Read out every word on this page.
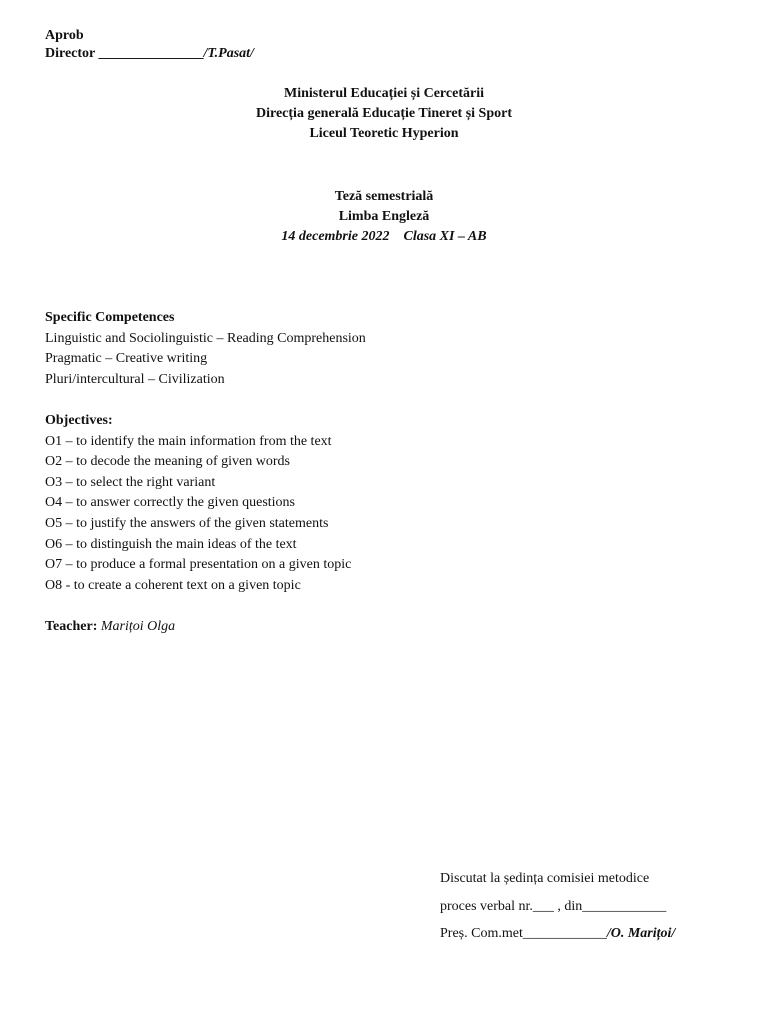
Aprob
Director _______________/T.Pasat/
Ministerul Educației și Cercetării
Direcția generală Educație Tineret și Sport
Liceul Teoretic Hyperion
Teză semestrială
Limba Engleză
14 decembrie 2022 Clasa XI – AB
Specific Competences
Linguistic and Sociolinguistic – Reading Comprehension
Pragmatic – Creative writing
Pluri/intercultural – Civilization
Objectives:
O1 – to identify the main information from the text
O2 – to decode the meaning of given words
O3 – to select the right variant
O4 – to answer correctly the given questions
O5 – to justify the answers of the given statements
O6 – to distinguish the main ideas of the text
O7 – to produce a formal presentation on a given topic
O8 - to create a coherent text on a given topic
Teacher: Marițoi Olga
Discutat la ședința comisiei metodice
proces verbal nr.___ , din____________
Preș. Com.met____________/O. Marițoi/
